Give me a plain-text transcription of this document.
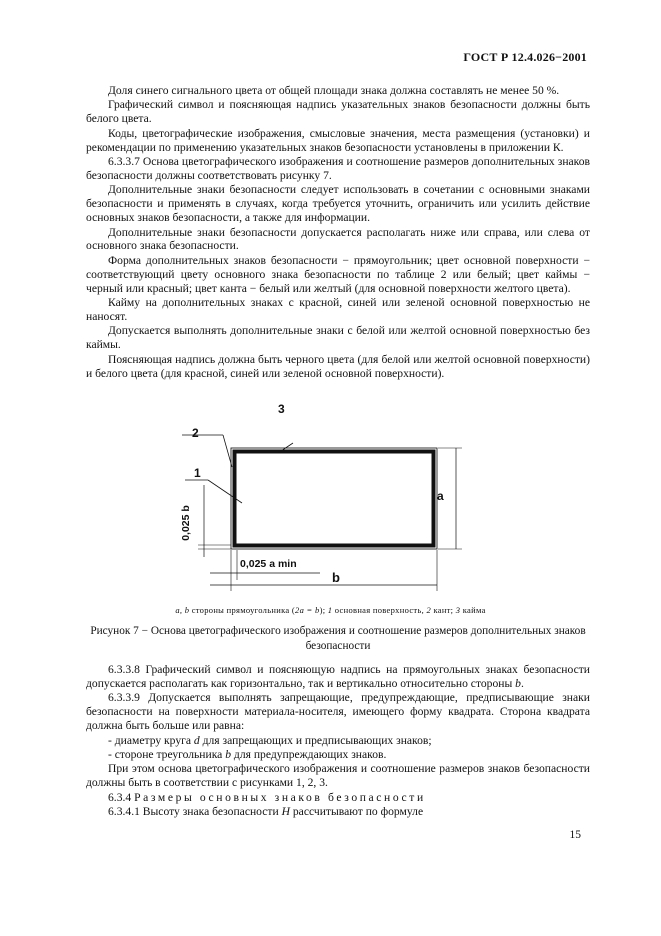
ГОСТ Р 12.4.026−2001

Доля синего сигнального цвета от общей площади знака должна составлять не менее 50 %.

Графический символ и поясняющая надпись указательных знаков безопасности должны быть белого цвета.

Коды, цветографические изображения, смысловые значения, места размещения (установки) и рекомендации по применению указательных знаков безопасности установлены в приложении К.

6.3.3.7 Основа цветографического изображения и соотношение размеров дополнительных знаков безопасности должны соответствовать рисунку 7.

Дополнительные знаки безопасности следует использовать в сочетании с основными знаками безопасности и применять в случаях, когда требуется уточнить, ограничить или усилить действие основных знаков безопасности, а также для информации.

Дополнительные знаки безопасности допускается располагать ниже или справа, или слева от основного знака безопасности.

Форма дополнительных знаков безопасности − прямоугольник; цвет основной поверхности − соответствующий цвету основного знака безопасности по таблице 2 или белый; цвет каймы − черный или красный; цвет канта − белый или желтый (для основной поверхности желтого цвета).

Кайму на дополнительных знаках с красной, синей или зеленой основной поверхностью не наносят.

Допускается выполнять дополнительные знаки с белой или желтой основной поверхностью без каймы.

Поясняющая надпись должна быть черного цвета (для белой или желтой основной поверхности) и белого цвета (для красной, синей или зеленой основной поверхности).

3
2
1
a
b
0,025 a min
0,025 b
a, b стороны прямоугольника (2a = b); 1 основная поверхность, 2 кант; 3 кайма
Рисунок 7 − Основа цветографического изображения и соотношение размеров дополнительных знаков безопасности

6.3.3.8 Графический символ и поясняющую надпись на прямоугольных знаках безопасности допускается располагать как горизонтально, так и вертикально относительно стороны b.

6.3.3.9 Допускается выполнять запрещающие, предупреждающие, предписывающие знаки безопасности на поверхности материала-носителя, имеющего форму квадрата. Сторона квадрата должна быть больше или равна:

- диаметру круга d для запрещающих и предписывающих знаков;

- стороне треугольника b для предупреждающих знаков.

При этом основа цветографического изображения и соотношение размеров знаков безопасности должны быть в соответствии с рисунками 1, 2, 3.

6.3.4 Размеры основных знаков безопасности

6.3.4.1 Высоту знака безопасности H рассчитывают по формуле

15
